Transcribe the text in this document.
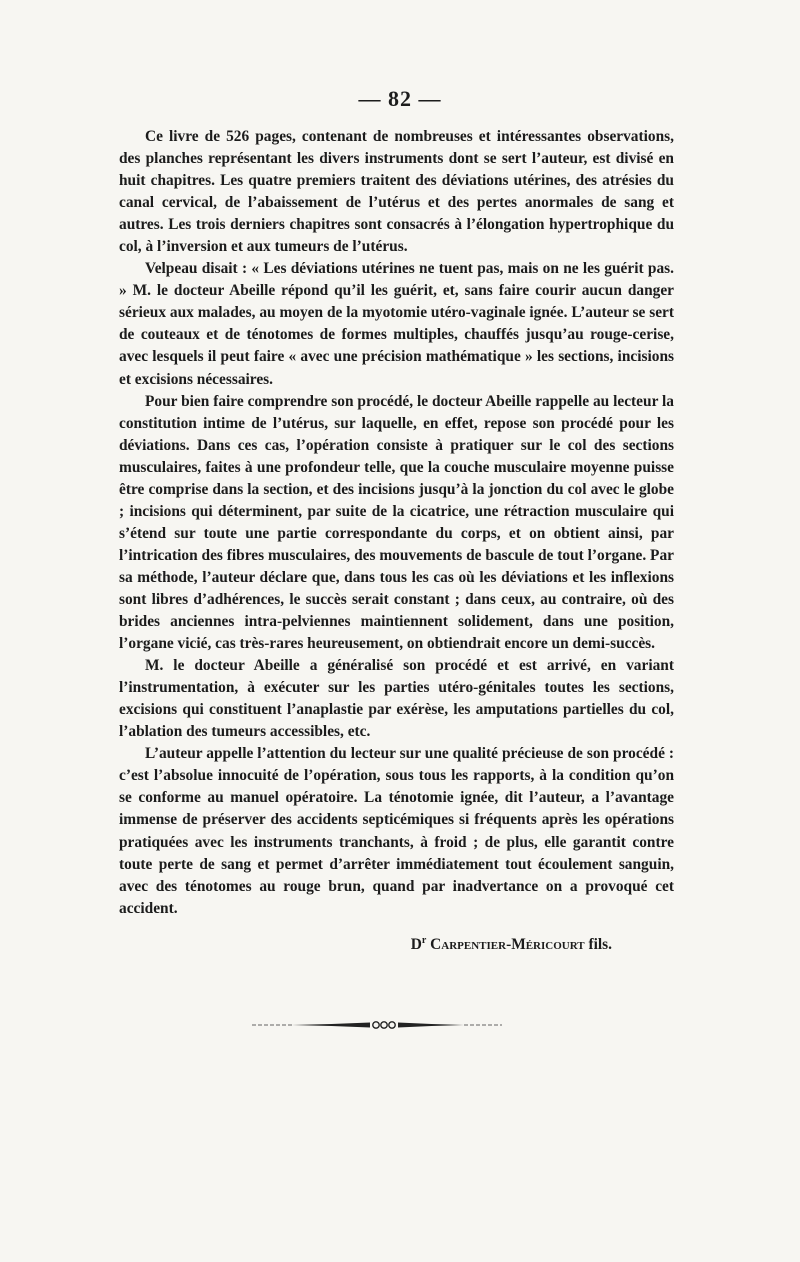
— 82 —

Ce livre de 526 pages, contenant de nombreuses et intéressantes observations, des planches représentant les divers instruments dont se sert l’auteur, est divisé en huit chapitres. Les quatre premiers traitent des déviations utérines, des atrésies du canal cervical, de l’abaissement de l’utérus et des pertes anormales de sang et autres. Les trois derniers chapitres sont consacrés à l’élongation hypertrophique du col, à l’inversion et aux tumeurs de l’utérus.

Velpeau disait : « Les déviations utérines ne tuent pas, mais on ne les guérit pas. » M. le docteur Abeille répond qu’il les guérit, et, sans faire courir aucun danger sérieux aux malades, au moyen de la myotomie utéro-vaginale ignée. L’auteur se sert de couteaux et de ténotomes de formes multiples, chauffés jusqu’au rouge-cerise, avec lesquels il peut faire « avec une précision mathématique » les sections, incisions et excisions nécessaires.

Pour bien faire comprendre son procédé, le docteur Abeille rappelle au lecteur la constitution intime de l’utérus, sur laquelle, en effet, repose son procédé pour les déviations. Dans ces cas, l’opération consiste à pratiquer sur le col des sections musculaires, faites à une profondeur telle, que la couche musculaire moyenne puisse être comprise dans la section, et des incisions jusqu’à la jonction du col avec le globe ; incisions qui déterminent, par suite de la cicatrice, une rétraction musculaire qui s’étend sur toute une partie correspondante du corps, et on obtient ainsi, par l’intrication des fibres musculaires, des mouvements de bascule de tout l’organe. Par sa méthode, l’auteur déclare que, dans tous les cas où les déviations et les inflexions sont libres d’adhérences, le succès serait constant ; dans ceux, au contraire, où des brides anciennes intra-pelviennes maintiennent solidement, dans une position, l’organe vicié, cas très-rares heureusement, on obtiendrait encore un demi-succès.

M. le docteur Abeille a généralisé son procédé et est arrivé, en variant l’instrumentation, à exécuter sur les parties utéro-génitales toutes les sections, excisions qui constituent l’anaplastie par exérèse, les amputations partielles du col, l’ablation des tumeurs accessibles, etc.

L’auteur appelle l’attention du lecteur sur une qualité précieuse de son procédé : c’est l’absolue innocuité de l’opération, sous tous les rapports, à la condition qu’on se conforme au manuel opératoire. La ténotomie ignée, dit l’auteur, a l’avantage immense de préserver des accidents septicémiques si fréquents après les opérations pratiquées avec les instruments tranchants, à froid ; de plus, elle garantit contre toute perte de sang et permet d’arrêter immédiatement tout écoulement sanguin, avec des ténotomes au rouge brun, quand par inadvertance on a provoqué cet accident.

$D^r$ Carpentier-Méricourt fils.
